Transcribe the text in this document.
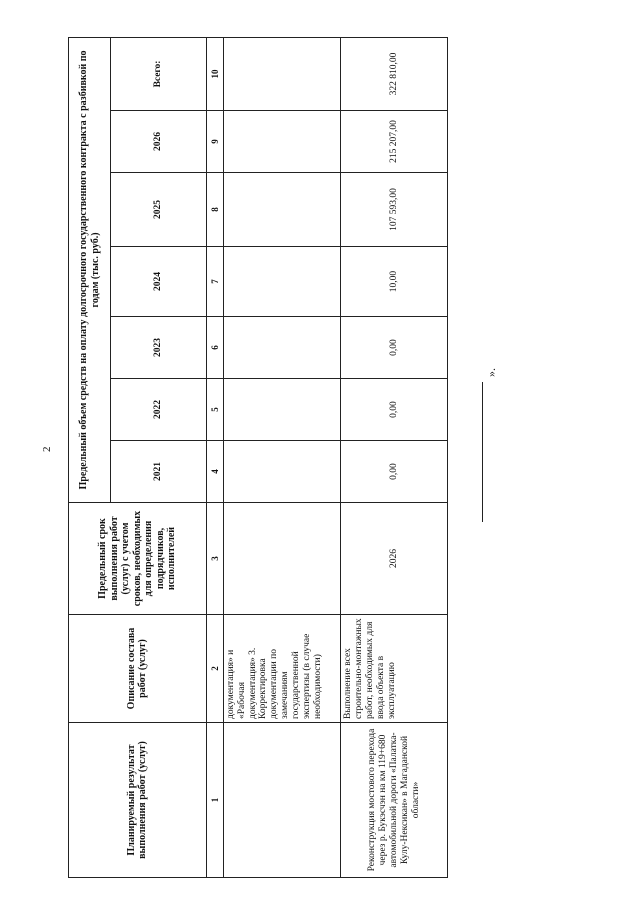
2
Планируемый результат выполнения работ (услуг)	Описание состава работ (услуг)	Предельный срок выполнения работ (услуг) с учетом сроков, необходимых для определения подрядчиков, исполнителей	Предельный объем средств на оплату долгосрочного государственного контракта с разбивкой по годам (тыс. руб.)						
			2021	2022	2023	2024	2025	2026	Всего:
1	2	3	4	5	6	7	8	9	10
	документация» и «Рабочая документация» 3. Корректировка документации по замечаниям государственной экспертизы (в случае необходимости)								
Реконструкция мостового перехода через р. Букэсчэн на км 119+680 автомобильной дороги «Палатка-Кулу-Нексикан» в Магаданской области»	Выполнение всех строительно-монтажных работ, необходимых для ввода объекта в эксплуатацию	2026	0,00	0,00	0,00	10,00	107 593,00	215 207,00	322 810,00
».
